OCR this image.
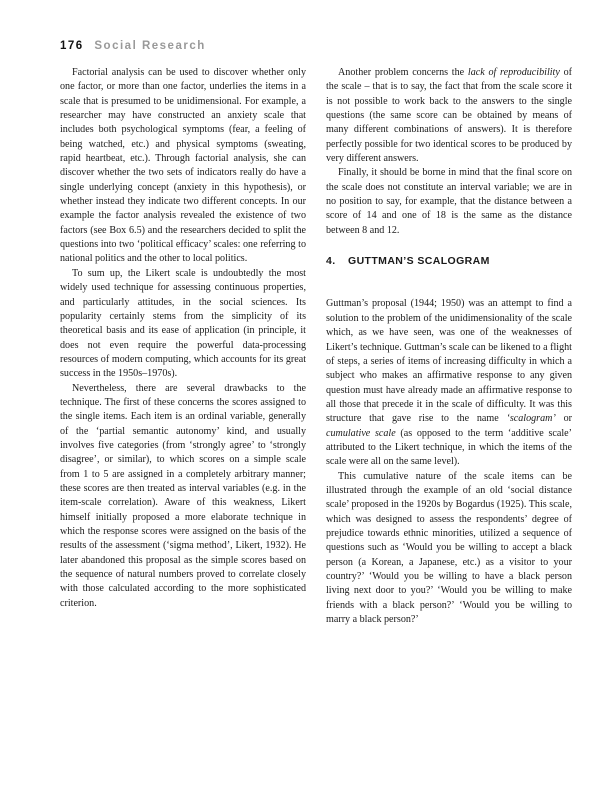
176 Social Research

Factorial analysis can be used to discover whether only one factor, or more than one factor, underlies the items in a scale that is presumed to be unidimensional. For example, a researcher may have constructed an anxiety scale that includes both psychological symptoms (fear, a feeling of being watched, etc.) and physical symptoms (sweating, rapid heartbeat, etc.). Through factorial analysis, she can discover whether the two sets of indicators really do have a single underlying concept (anxiety in this hypothesis), or whether instead they indicate two different concepts. In our example the factor analysis revealed the existence of two factors (see Box 6.5) and the researchers decided to split the questions into two ‘political efficacy’ scales: one referring to national politics and the other to local politics.

To sum up, the Likert scale is undoubtedly the most widely used technique for assessing continuous properties, and particularly attitudes, in the social sciences. Its popularity certainly stems from the simplicity of its theoretical basis and its ease of application (in principle, it does not even require the powerful data-processing resources of modern computing, which accounts for its great success in the 1950s–1970s).

Nevertheless, there are several drawbacks to the technique. The first of these concerns the scores assigned to the single items. Each item is an ordinal variable, generally of the ‘partial semantic autonomy’ kind, and usually involves five categories (from ‘strongly agree’ to ‘strongly disagree’, or similar), to which scores on a simple scale from 1 to 5 are assigned in a completely arbitrary manner; these scores are then treated as interval variables (e.g. in the item-scale correlation). Aware of this weakness, Likert himself initially proposed a more elaborate technique in which the response scores were assigned on the basis of the results of the assessment (‘sigma method’, Likert, 1932). He later abandoned this proposal as the simple scores based on the sequence of natural numbers proved to correlate closely with those calculated according to the more sophisticated criterion.

Another problem concerns the lack of reproducibility of the scale – that is to say, the fact that from the scale score it is not possible to work back to the answers to the single questions (the same score can be obtained by means of many different combinations of answers). It is therefore perfectly possible for two identical scores to be produced by very different answers.

Finally, it should be borne in mind that the final score on the scale does not constitute an interval variable; we are in no position to say, for example, that the distance between a score of 14 and one of 18 is the same as the distance between 8 and 12.

4. GUTTMAN’S SCALOGRAM

Guttman’s proposal (1944; 1950) was an attempt to find a solution to the problem of the unidimensionality of the scale which, as we have seen, was one of the weaknesses of Likert’s technique. Guttman’s scale can be likened to a flight of steps, a series of items of increasing difficulty in which a subject who makes an affirmative response to any given question must have already made an affirmative response to all those that precede it in the scale of difficulty. It was this structure that gave rise to the name ‘scalogram’ or cumulative scale (as opposed to the term ‘additive scale’ attributed to the Likert technique, in which the items of the scale were all on the same level).

This cumulative nature of the scale items can be illustrated through the example of an old ‘social distance scale’ proposed in the 1920s by Bogardus (1925). This scale, which was designed to assess the respondents’ degree of prejudice towards ethnic minorities, utilized a sequence of questions such as ‘Would you be willing to accept a black person (a Korean, a Japanese, etc.) as a visitor to your country?’ ‘Would you be willing to have a black person living next door to you?’ ‘Would you be willing to make friends with a black person?’ ‘Would you be willing to marry a black person?’
